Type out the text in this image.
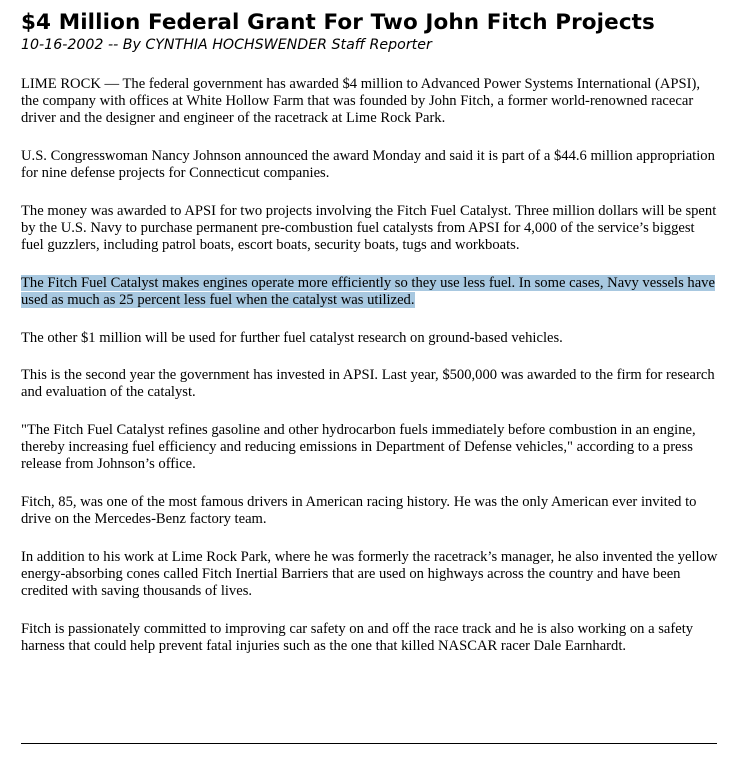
$4 Million Federal Grant For Two John Fitch Projects
10-16-2002 -- By CYNTHIA HOCHSWENDER Staff Reporter

LIME ROCK — The federal government has awarded $4 million to Advanced Power Systems International (APSI), the company with offices at White Hollow Farm that was founded by John Fitch, a former world-renowned racecar driver and the designer and engineer of the racetrack at Lime Rock Park.

U.S. Congresswoman Nancy Johnson announced the award Monday and said it is part of a $44.6 million appropriation for nine defense projects for Connecticut companies.

The money was awarded to APSI for two projects involving the Fitch Fuel Catalyst. Three million dollars will be spent by the U.S. Navy to purchase permanent pre-combustion fuel catalysts from APSI for 4,000 of the service’s biggest fuel guzzlers, including patrol boats, escort boats, security boats, tugs and workboats.

The Fitch Fuel Catalyst makes engines operate more efficiently so they use less fuel. In some cases, Navy vessels have used as much as 25 percent less fuel when the catalyst was utilized.

The other $1 million will be used for further fuel catalyst research on ground-based vehicles.

This is the second year the government has invested in APSI. Last year, $500,000 was awarded to the firm for research and evaluation of the catalyst.

"The Fitch Fuel Catalyst refines gasoline and other hydrocarbon fuels immediately before combustion in an engine, thereby increasing fuel efficiency and reducing emissions in Department of Defense vehicles," according to a press release from Johnson’s office.

Fitch, 85, was one of the most famous drivers in American racing history. He was the only American ever invited to drive on the Mercedes-Benz factory team.

In addition to his work at Lime Rock Park, where he was formerly the racetrack’s manager, he also invented the yellow energy-absorbing cones called Fitch Inertial Barriers that are used on highways across the country and have been credited with saving thousands of lives.

Fitch is passionately committed to improving car safety on and off the race track and he is also working on a safety harness that could help prevent fatal injuries such as the one that killed NASCAR racer Dale Earnhardt.
